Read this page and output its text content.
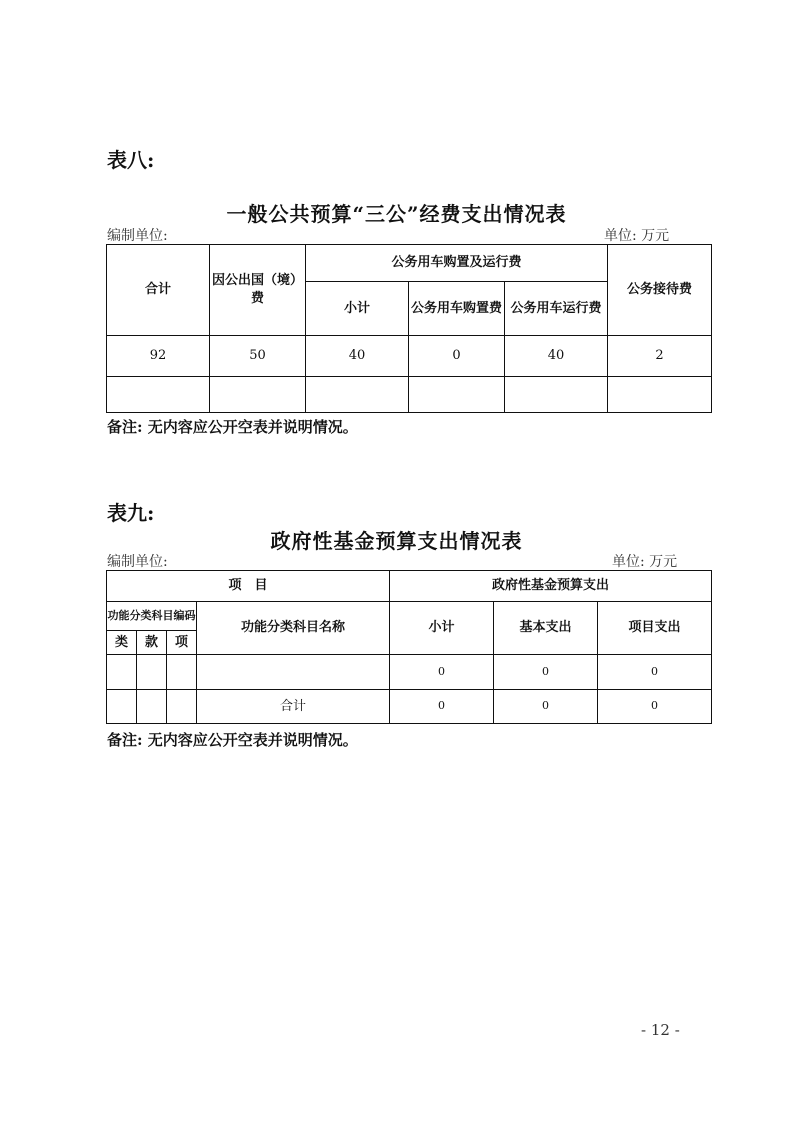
表八:
一般公共预算“三公”经费支出情况表
编制单位:	单位: 万元
合计	因公出国（境）费	公务用车购置及运行费			公务接待费
		小计	公务用车购置费	公务用车运行费	
92	50	40	0	40	2

备注: 无内容应公开空表并说明情况。
表九:
政府性基金预算支出情况表
编制单位:	单位: 万元
项　目				政府性基金预算支出		
功能分类科目编码			功能分类科目名称	小计	基本支出	项目支出
类	款	项				
				0	0	0
			合计	0	0	0
备注: 无内容应公开空表并说明情况。
- 12 -
